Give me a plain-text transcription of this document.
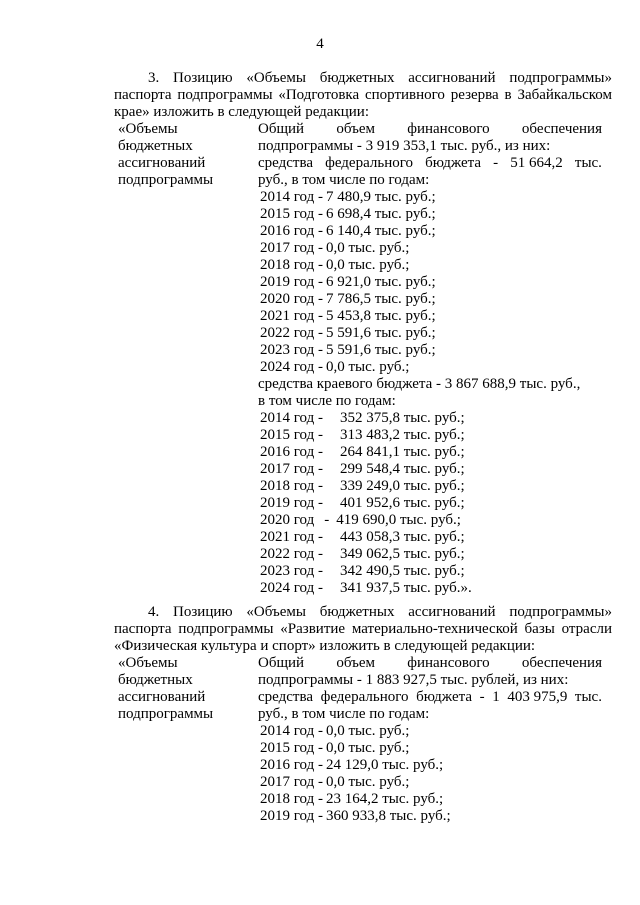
4
3. Позицию «Объемы бюджетных ассигнований подпрограммы» паспорта подпрограммы «Подготовка спортивного резерва в Забайкальском крае» изложить в следующей редакции:
«Объемы
бюджетных
ассигнований
подпрограммы
Общий объем финансового обеспечения
подпрограммы - 3 919 353,1 тыс. руб., из них:
средства федерального бюджета - 51 664,2 тыс.
руб., в том числе по годам:
2014 год - 7 480,9 тыс. руб.;
2015 год - 6 698,4 тыс. руб.;
2016 год - 6 140,4 тыс. руб.;
2017 год - 0,0 тыс. руб.;
2018 год - 0,0 тыс. руб.;
2019 год - 6 921,0 тыс. руб.;
2020 год - 7 786,5 тыс. руб.;
2021 год - 5 453,8 тыс. руб.;
2022 год - 5 591,6 тыс. руб.;
2023 год - 5 591,6 тыс. руб.;
2024 год - 0,0 тыс. руб.;
средства краевого бюджета - 3 867 688,9 тыс. руб.,
в том числе по годам:
2014 год -	352 375,8 тыс. руб.;
2015 год -	313 483,2 тыс. руб.;
2016 год -	264 841,1 тыс. руб.;
2017 год -	299 548,4 тыс. руб.;
2018 год -	339 249,0 тыс. руб.;
2019 год -	401 952,6 тыс. руб.;
2020 год - 419 690,0 тыс. руб.;
2021 год -	443 058,3 тыс. руб.;
2022 год -	349 062,5 тыс. руб.;
2023 год -	342 490,5 тыс. руб.;
2024 год -	341 937,5 тыс. руб.».
4. Позицию «Объемы бюджетных ассигнований подпрограммы» паспорта подпрограммы «Развитие материально-технической базы отрасли «Физическая культура и спорт» изложить в следующей редакции:
«Объемы
бюджетных
ассигнований
подпрограммы
Общий объем финансового обеспечения
подпрограммы - 1 883 927,5 тыс. рублей, из них:
средства федерального бюджета - 1 403 975,9 тыс.
руб., в том числе по годам:
2014 год - 0,0 тыс. руб.;
2015 год - 0,0 тыс. руб.;
2016 год - 24 129,0 тыс. руб.;
2017 год - 0,0 тыс. руб.;
2018 год - 23 164,2 тыс. руб.;
2019 год - 360 933,8 тыс. руб.;
